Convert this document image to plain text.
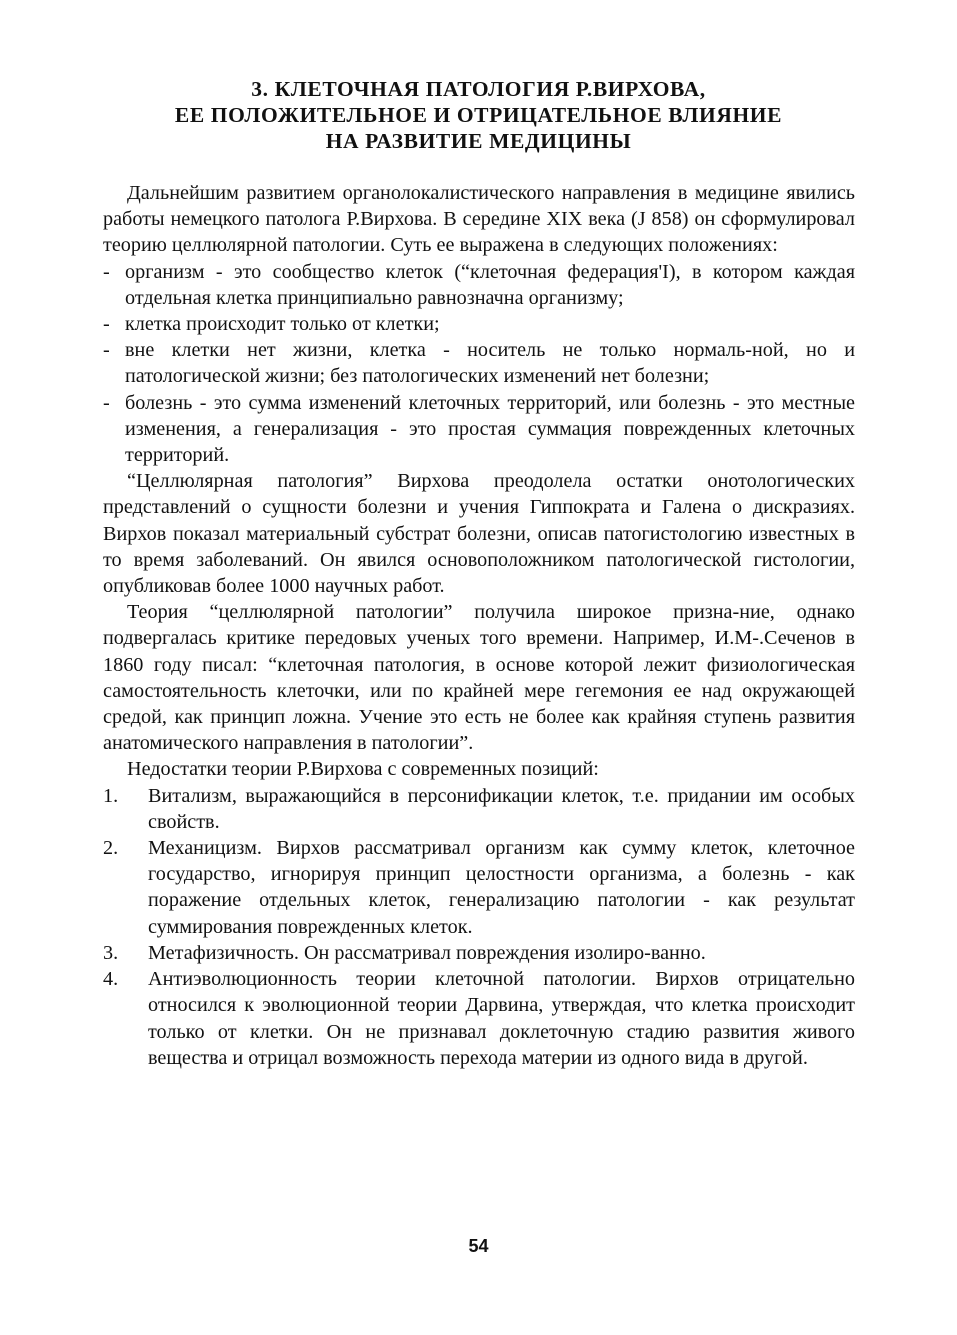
3. КЛЕТОЧНАЯ ПАТОЛОГИЯ Р.ВИРХОВА,
ЕЕ ПОЛОЖИТЕЛЬНОЕ И ОТРИЦАТЕЛЬНОЕ ВЛИЯНИЕ
НА РАЗВИТИЕ МЕДИЦИНЫ

Дальнейшим развитием органолокалистического направления в медицине явились работы немецкого патолога Р.Вирхова. В середине XIX века (J 858) он сформулировал теорию целлюлярной патологии. Суть ее выражена в следующих положениях:

- организм - это сообщество клеток (“клеточная федерация'I), в котором каждая отдельная клетка принципиально равнозначна организму;

- клетка происходит только от клетки;

- вне клетки нет жизни, клетка - носитель не только нормаль-ной, но и патологической жизни; без патологических изменений нет болезни;

- болезнь - это сумма изменений клеточных территорий, или болезнь - это местные изменения, а генерализация - это простая суммация поврежденных клеточных территорий.

“Целлюлярная патология” Вирхова преодолела остатки онотологических представлений о сущности болезни и учения Гиппократа и Галена о дискразиях. Вирхов показал материальный субстрат болезни, описав патогистологию известных в то время заболеваний. Он явился основоположником патологической гистологии, опубликовав более 1000 научных работ.

Теория “целлюлярной патологии” получила широкое призна-ние, однако подвергалась критике передовых ученых того времени. Например, И.М-.Сеченов в 1860 году писал: “клеточная патология, в основе которой лежит физиологическая самостоятельность клеточки, или по крайней мере гегемония ее над окружающей средой, как принцип ложна. Учение это есть не более как крайняя ступень развития анатомического направления в патологии”.

Недостатки теории Р.Вирхова с современных позиций:

1. Витализм, выражающийся в персонификации клеток, т.е. придании им особых свойств.

2. Механицизм. Вирхов рассматривал организм как сумму клеток, клеточное государство, игнорируя принцип целостности организма, а болезнь - как поражение отдельных клеток, генерализацию патологии - как результат суммирования поврежденных клеток.

3. Метафизичность. Он рассматривал повреждения изолиро-ванно.

4. Антиэволюционность теории клеточной патологии. Вирхов отрицательно относился к эволюционной теории Дарвина, утверждая, что клетка происходит только от клетки. Он не признавал доклеточную стадию развития живого вещества и отрицал возможность перехода материи из одного вида в другой.

54
